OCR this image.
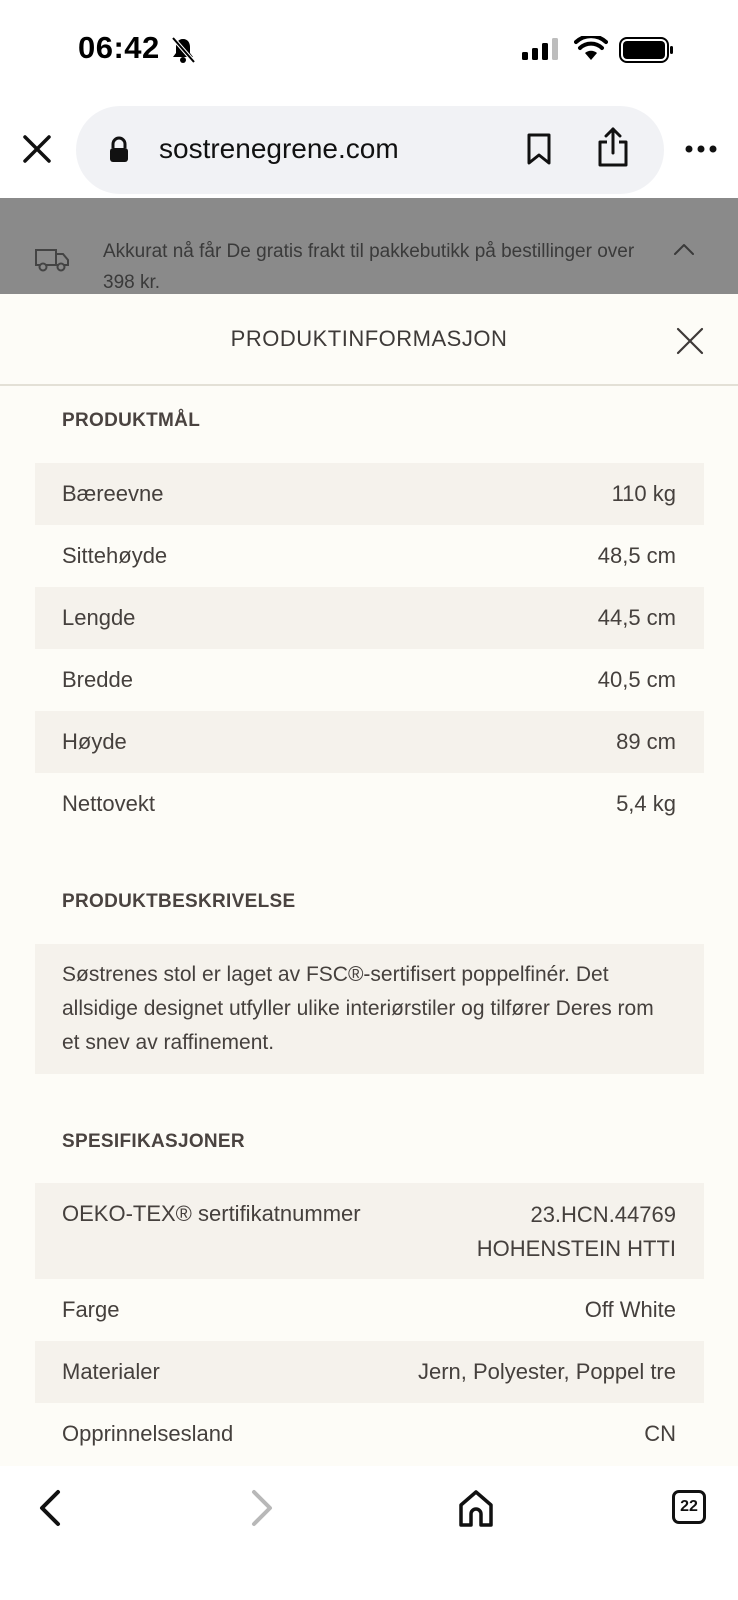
06:42
sostrenegrene.com
Akkurat nå får De gratis frakt til pakkebutikk på bestillinger over 398 kr.
PRODUKTINFORMASJON
PRODUKTMÅL
Bæreevne	110 kg
Sittehøyde	48,5 cm
Lengde	44,5 cm
Bredde	40,5 cm
Høyde	89 cm
Nettovekt	5,4 kg
PRODUKTBESKRIVELSE
Søstrenes stol er laget av FSC®-sertifisert poppelfinér. Det allsidige designet utfyller ulike interiørstiler og tilfører Deres rom et snev av raffinement.
SPESIFIKASJONER
OEKO-TEX® sertifikatnummer	23.HCN.44769
HOHENSTEIN HTTI
Farge	Off White
Materialer	Jern, Polyester, Poppel tre
Opprinnelsesland	CN
22
